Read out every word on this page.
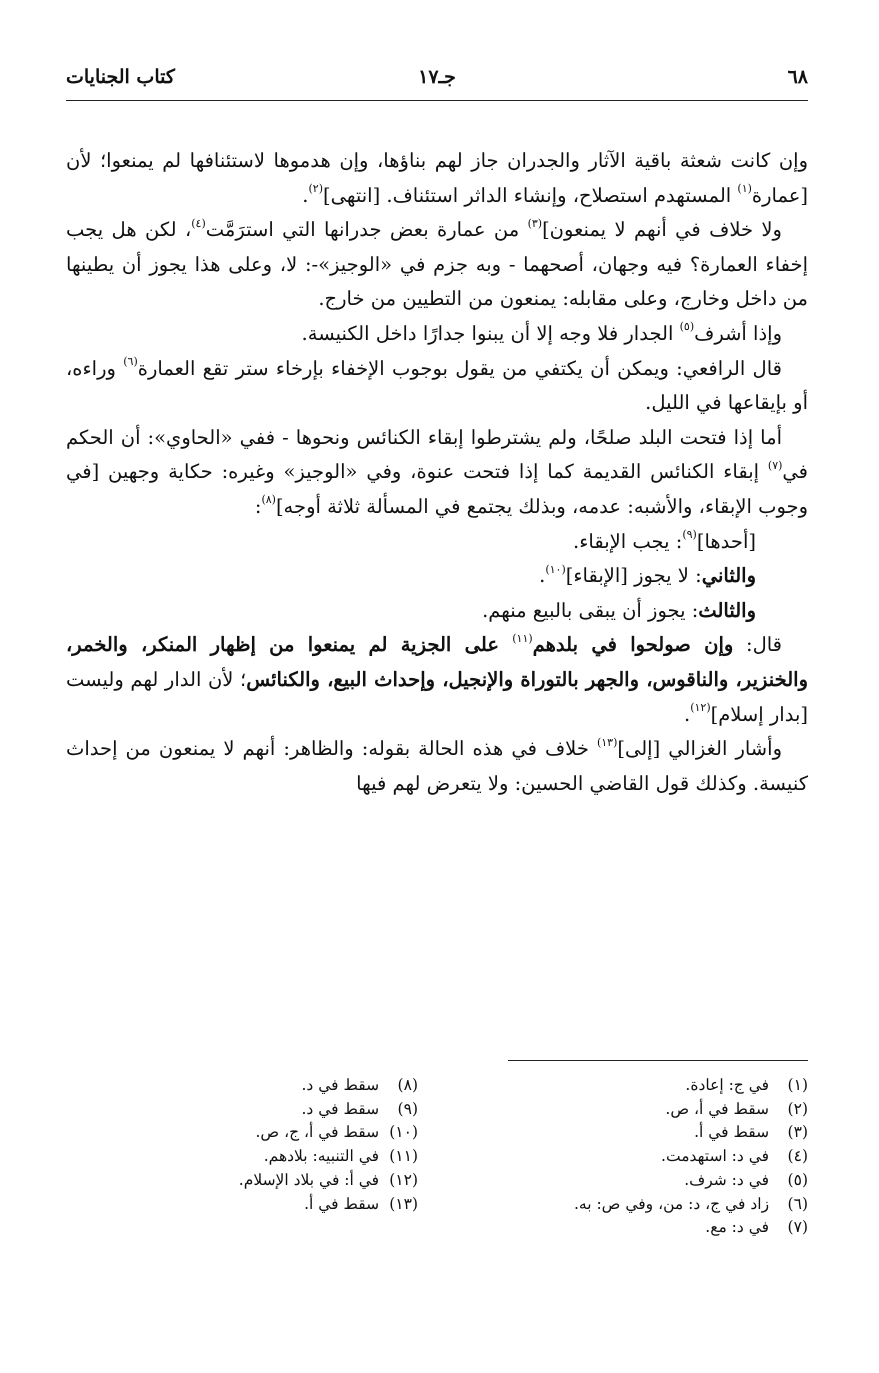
٦٨
جـ١٧
كتاب الجنايات

وإن كانت شعثة باقية الآثار والجدران جاز لهم بناؤها، وإن هدموها لاستئنافها لم يمنعوا؛ لأن [عمارة$^{(١)}$ المستهدم استصلاح، وإنشاء الداثر استئناف. [انتهى]$^{(٢)}$.

ولا خلاف في أنهم لا يمنعون]$^{(٣)}$ من عمارة بعض جدرانها التي استرَمَّت$^{(٤)}$، لكن هل يجب إخفاء العمارة؟ فيه وجهان، أصحهما - وبه جزم في «الوجيز»-: لا، وعلى هذا يجوز أن يطينها من داخل وخارج، وعلى مقابله: يمنعون من التطيين من خارج.

وإذا أشرف$^{(٥)}$ الجدار فلا وجه إلا أن يبنوا جدارًا داخل الكنيسة.

قال الرافعي: ويمكن أن يكتفي من يقول بوجوب الإخفاء بإرخاء ستر تقع العمارة$^{(٦)}$ وراءه، أو بإيقاعها في الليل.

أما إذا فتحت البلد صلحًا، ولم يشترطوا إبقاء الكنائس ونحوها - ففي «الحاوي»: أن الحكم في$^{(٧)}$ إبقاء الكنائس القديمة كما إذا فتحت عنوة، وفي «الوجيز» وغيره: حكاية وجهين [في وجوب الإبقاء، والأشبه: عدمه، وبذلك يجتمع في المسألة ثلاثة أوجه]$^{(٨)}$:

[أحدها]$^{(٩)}$: يجب الإبقاء.

والثاني: لا يجوز [الإبقاء]$^{(١٠)}$.

والثالث: يجوز أن يبقى بالبيع منهم.

قال: وإن صولحوا في بلدهم$^{(١١)}$ على الجزية لم يمنعوا من إظهار المنكر، والخمر، والخنزير، والناقوس، والجهر بالتوراة والإنجيل، وإحداث البيع، والكنائس؛ لأن الدار لهم وليست [بدار إسلام]$^{(١٢)}$.

وأشار الغزالي [إلى]$^{(١٣)}$ خلاف في هذه الحالة بقوله: والظاهر: أنهم لا يمنعون من إحداث كنيسة. وكذلك قول القاضي الحسين: ولا يتعرض لهم فيها

(١) في ج: إعادة.
(٢) سقط في أ، ص.
(٣) سقط في أ.
(٤) في د: استهدمت.
(٥) في د: شرف.
(٦) زاد في ج، د: من، وفي ص: به.
(٧) في د: مع.
(٨) سقط في د.
(٩) سقط في د.
(١٠) سقط في أ، ج، ص.
(١١) في التنبيه: بلادهم.
(١٢) في أ: في بلاد الإسلام.
(١٣) سقط في أ.
